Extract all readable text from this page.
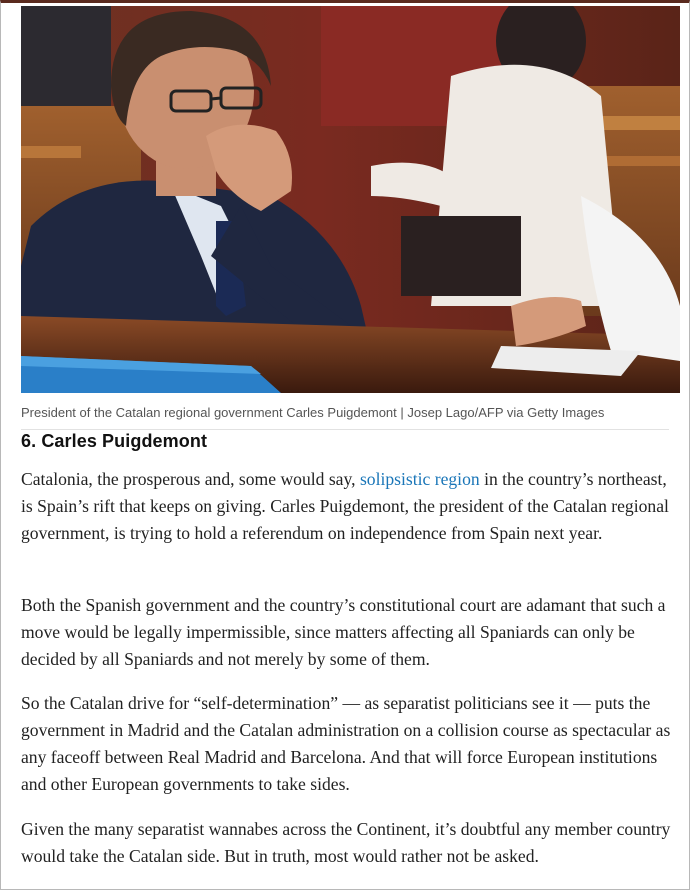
President of the Catalan regional government Carles Puigdemont | Josep Lago/AFP via Getty Images
6. Carles Puigdemont

Catalonia, the prosperous and, some would say, solipsistic region in the country’s northeast, is Spain’s rift that keeps on giving. Carles Puigdemont, the president of the Catalan regional government, is trying to hold a referendum on independence from Spain next year.

Both the Spanish government and the country’s constitutional court are adamant that such a move would be legally impermissible, since matters affecting all Spaniards can only be decided by all Spaniards and not merely by some of them.

So the Catalan drive for “self-determination” — as separatist politicians see it — puts the government in Madrid and the Catalan administration on a collision course as spectacular as any faceoff between Real Madrid and Barcelona. And that will force European institutions and other European governments to take sides.

Given the many separatist wannabes across the Continent, it’s doubtful any member country would take the Catalan side. But in truth, most would rather not be asked.
